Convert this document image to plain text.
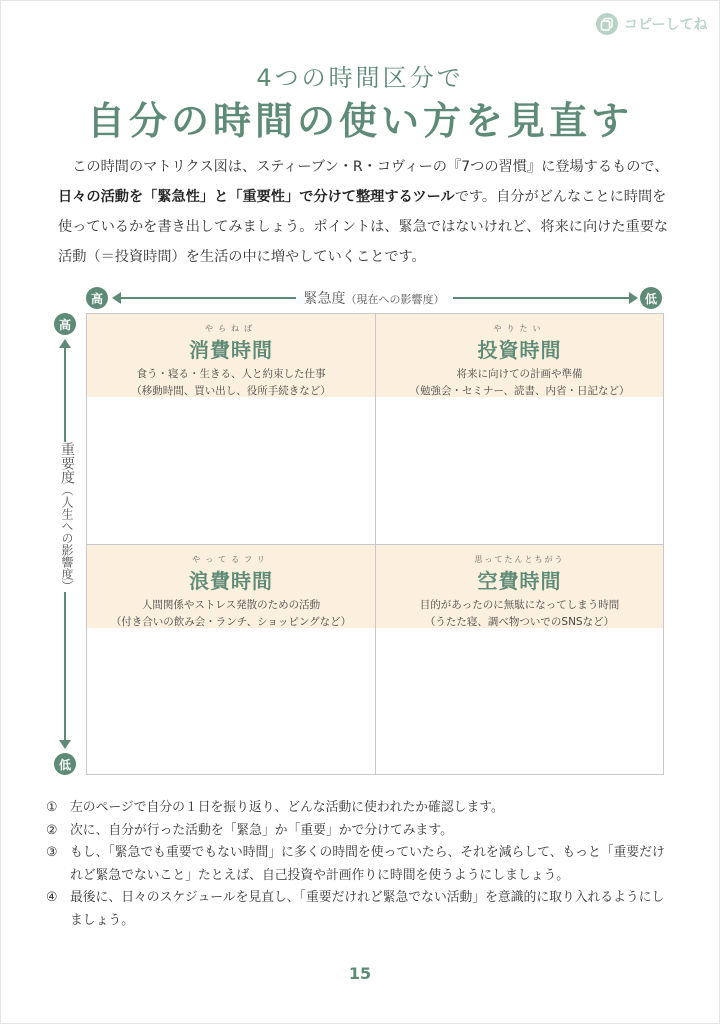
コピーしてね
4つの時間区分で
自分の時間の使い方を見直す
　この時間のマトリクス図は、スティーブン・R・コヴィーの『7つの習慣』に登場するもので、日々の活動を「緊急性」と「重要性」で分けて整理するツールです。自分がどんなことに時間を使っているかを書き出してみましょう。ポイントは、緊急ではないけれど、将来に向けた重要な活動（＝投資時間）を生活の中に増やしていくことです。
高	低
緊急度（現在への影響度）
高
低
重要度（人生への影響度）
やらねば
消費時間
食う・寝る・生きる、人と約束した仕事
（移動時間、買い出し、役所手続きなど）
やりたい
投資時間
将来に向けての計画や準備
（勉強会・セミナー、読書、内省・日記など）
やってるフリ
浪費時間
人間関係やストレス発散のための活動
（付き合いの飲み会・ランチ、ショッピングなど）
思ってたんとちがう
空費時間
目的があったのに無駄になってしまう時間
（うたた寝、調べ物ついでのSNSなど）
① 左のページで自分の１日を振り返り、どんな活動に使われたか確認します。
② 次に、自分が行った活動を「緊急」か「重要」かで分けてみます。
③ もし、「緊急でも重要でもない時間」に多くの時間を使っていたら、それを減らして、もっと「重要だけれど緊急でないこと」たとえば、自己投資や計画作りに時間を使うようにしましょう。
④ 最後に、日々のスケジュールを見直し、「重要だけれど緊急でない活動」を意識的に取り入れるようにしましょう。
15
